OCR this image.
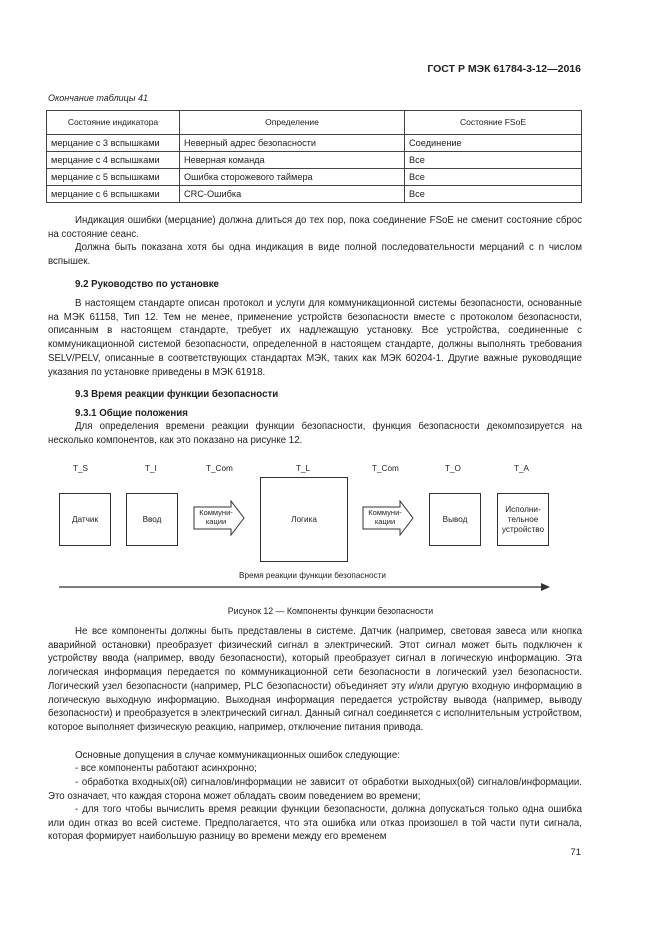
ГОСТ Р МЭК 61784-3-12—2016
Окончание таблицы 41
Состояние индикатора	Определение	Состояние FSoE
мерцание с 3 вспышками	Неверный адрес безопасности	Соединение
мерцание с 4 вспышками	Неверная команда	Все
мерцание с 5 вспышками	Ошибка сторожевого таймера	Все
мерцание с 6 вспышками	CRC-Ошибка	Все
Индикация ошибки (мерцание) должна длиться до тех пор, пока соединение FSoE не сменит состояние сброс на состояние сеанс.
Должна быть показана хотя бы одна индикация в виде полной последовательности мерцаний с n числом вспышек.
9.2 Руководство по установке
В настоящем стандарте описан протокол и услуги для коммуникационной системы безопасности, основанные на МЭК 61158, Тип 12. Тем не менее, применение устройств безопасности вместе с протоколом безопасности, описанным в настоящем стандарте, требует их надлежащую установку. Все устройства, соединенные с коммуникационной системой безопасности, определенной в настоящем стандарте, должны выполнять требования SELV/PELV, описанные в соответствующих стандартах МЭК, таких как МЭК 60204-1. Другие важные руководящие указания по установке приведены в МЭК 61918.
9.3 Время реакции функции безопасности
9.3.1 Общие положения
Для определения времени реакции функции безопасности, функция безопасности декомпозируется на несколько компонентов, как это показано на рисунке 12.
T_S	T_I	T_Com	T_L	T_Com	T_O	T_A
Датчик	Ввод
Коммуни-
кации	Логика
Коммуни-
кации	Вывод
Исполни-
тельное
устройство
Время реакции функции безопасности
Рисунок 12 — Компоненты функции безопасности
Не все компоненты должны быть представлены в системе. Датчик (например, световая завеса или кнопка аварийной остановки) преобразует физический сигнал в электрический. Этот сигнал может быть подключен к устройству ввода (например, вводу безопасности), который преобразует сигнал в логическую информацию. Эта логическая информация передается по коммуникационной сети безопасности в логический узел безопасности. Логический узел безопасности (например, PLC безопасности) объединяет эту и/или другую входную информацию в логическую выходную информацию. Выходная информация передается устройству вывода (например, выводу безопасности) и преобразуется в электрический сигнал. Данный сигнал соединяется с исполнительным устройством, которое выполняет физическую реакцию, например, отключение питания привода.
Основные допущения в случае коммуникационных ошибок следующие:
- все компоненты работают асинхронно;
- обработка входных(ой) сигналов/информации не зависит от обработки выходных(ой) сигналов/информации. Это означает, что каждая сторона может обладать своим поведением во времени;
- для того чтобы вычислить время реакции функции безопасности, должна допускаться только одна ошибка или один отказ во всей системе. Предполагается, что эта ошибка или отказ произошел в той части пути сигнала, которая формирует наибольшую разницу во времени между его временем
71
